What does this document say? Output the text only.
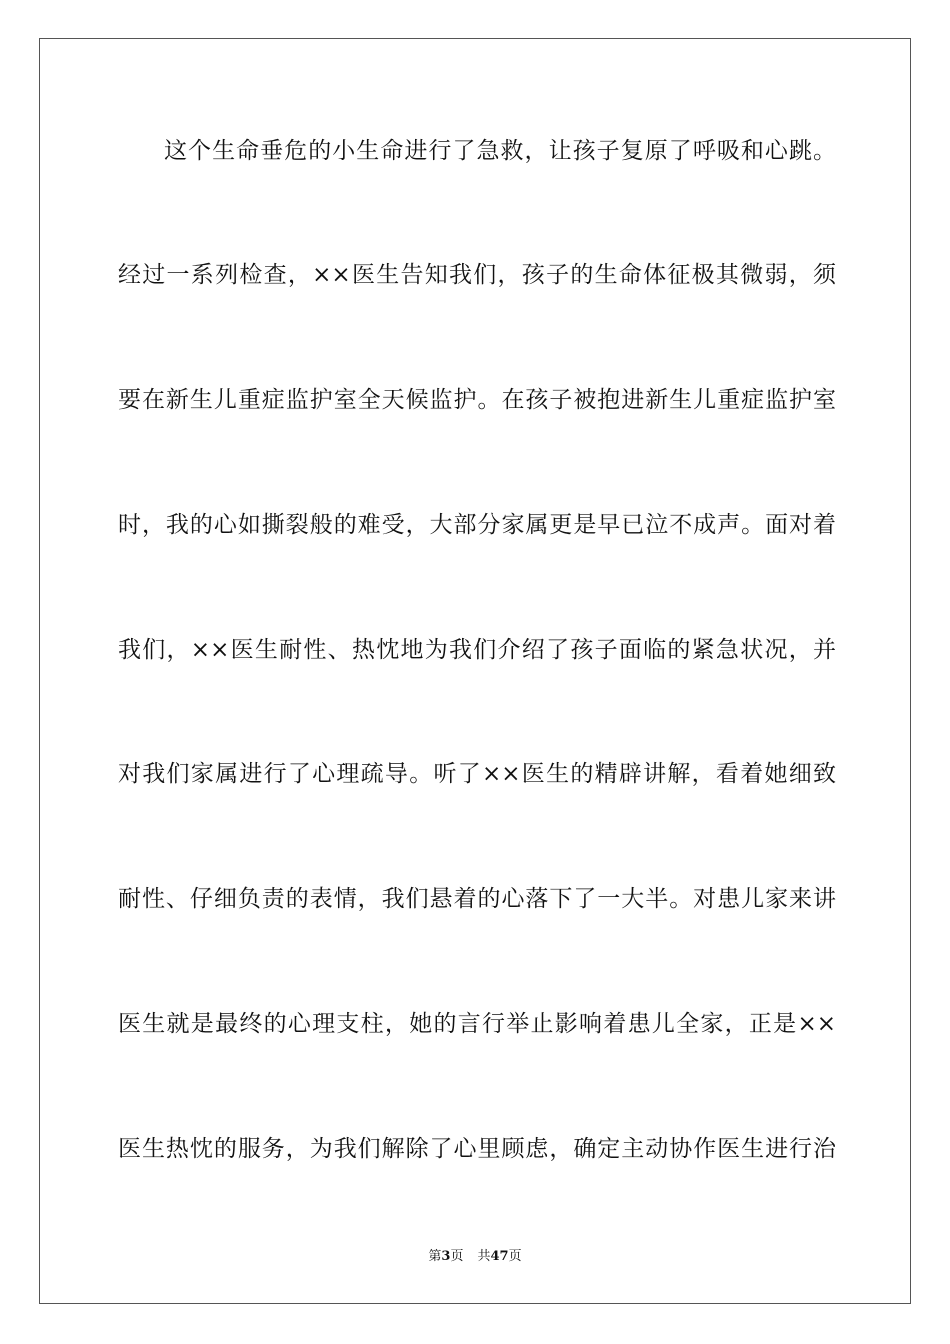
这个生命垂危的小生命进行了急救，让孩子复原了呼吸和心跳。
经过一系列检查，××医生告知我们，孩子的生命体征极其微弱，须
要在新生儿重症监护室全天候监护。在孩子被抱进新生儿重症监护室
时，我的心如撕裂般的难受，大部分家属更是早已泣不成声。面对着
我们，××医生耐性、热忱地为我们介绍了孩子面临的紧急状况，并
对我们家属进行了心理疏导。听了××医生的精辟讲解，看着她细致
耐性、仔细负责的表情，我们悬着的心落下了一大半。对患儿家来讲
医生就是最终的心理支柱，她的言行举止影响着患儿全家，正是××
医生热忱的服务，为我们解除了心里顾虑，确定主动协作医生进行治
第3页 共47页
